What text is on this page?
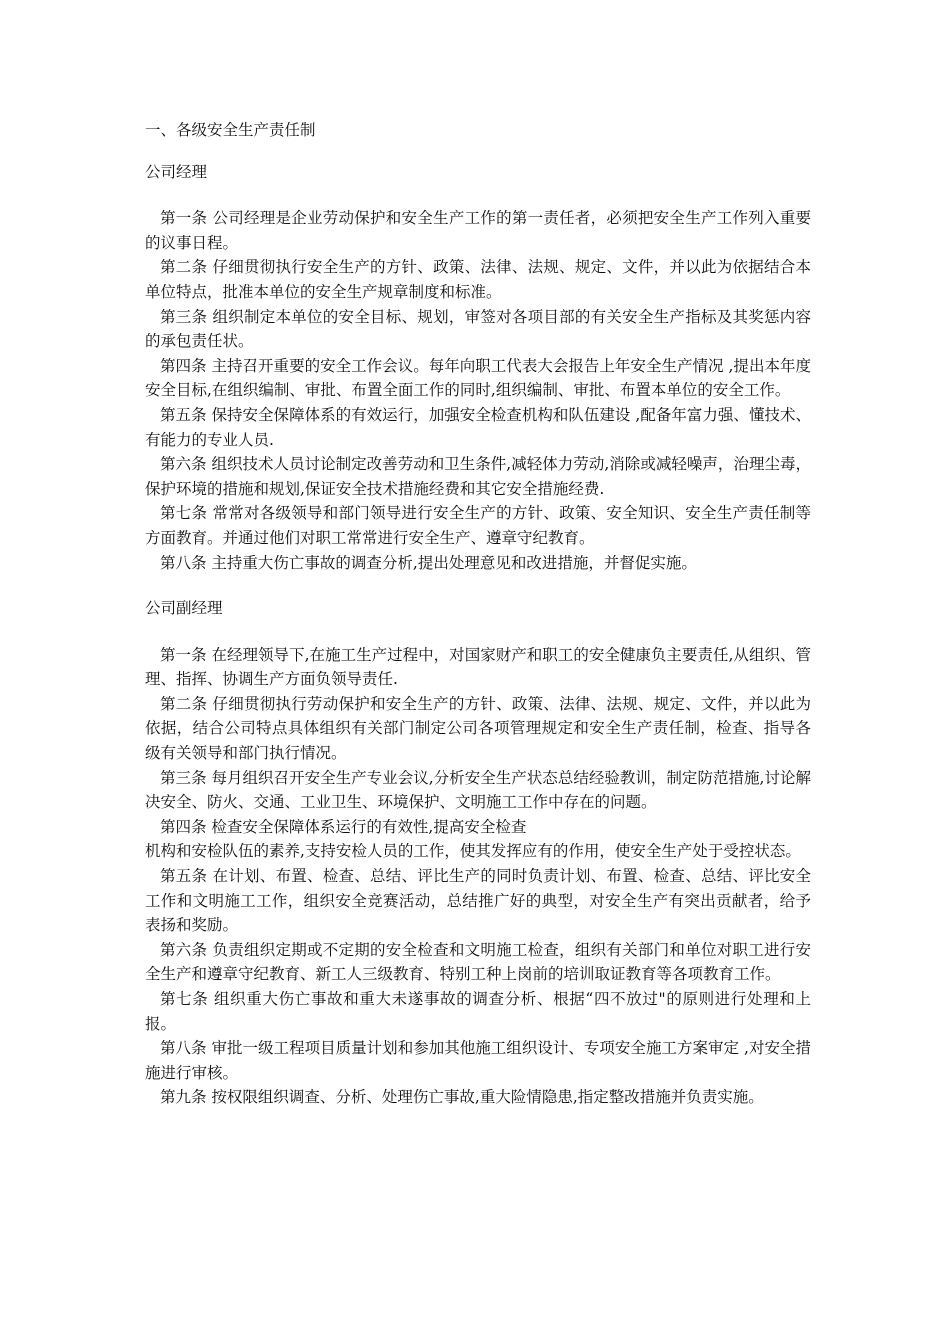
一、各级安全生产责任制

公司经理

第一条 公司经理是企业劳动保护和安全生产工作的第一责任者，必须把安全生产工作列入重要的议事日程。

第二条 仔细贯彻执行安全生产的方针、政策、法律、法规、规定、文件，并以此为依据结合本单位特点，批准本单位的安全生产规章制度和标准。

第三条 组织制定本单位的安全目标、规划，审签对各项目部的有关安全生产指标及其奖惩内容的承包责任状。

第四条 主持召开重要的安全工作会议。每年向职工代表大会报告上年安全生产情况 ,提出本年度安全目标,在组织编制、审批、布置全面工作的同时,组织编制、审批、布置本单位的安全工作。

第五条 保持安全保障体系的有效运行，加强安全检查机构和队伍建设 ,配备年富力强、懂技术、有能力的专业人员.

第六条 组织技术人员讨论制定改善劳动和卫生条件,减轻体力劳动,消除或减轻噪声，治理尘毒，保护环境的措施和规划,保证安全技术措施经费和其它安全措施经费.

第七条 常常对各级领导和部门领导进行安全生产的方针、政策、安全知识、安全生产责任制等方面教育。并通过他们对职工常常进行安全生产、遵章守纪教育。

第八条 主持重大伤亡事故的调查分析,提出处理意见和改进措施，并督促实施。

公司副经理

第一条 在经理领导下,在施工生产过程中，对国家财产和职工的安全健康负主要责任,从组织、管理、指挥、协调生产方面负领导责任.

第二条 仔细贯彻执行劳动保护和安全生产的方针、政策、法律、法规、规定、文件，并以此为依据，结合公司特点具体组织有关部门制定公司各项管理规定和安全生产责任制，检查、指导各级有关领导和部门执行情况。

第三条 每月组织召开安全生产专业会议,分析安全生产状态总结经验教训，制定防范措施,讨论解决安全、防火、交通、工业卫生、环境保护、文明施工工作中存在的问题。

第四条 检查安全保障体系运行的有效性,提高安全检查

机构和安检队伍的素养,支持安检人员的工作，使其发挥应有的作用，使安全生产处于受控状态。

第五条 在计划、布置、检查、总结、评比生产的同时负责计划、布置、检查、总结、评比安全工作和文明施工工作，组织安全竞赛活动，总结推广好的典型，对安全生产有突出贡献者，给予表扬和奖励。

第六条 负责组织定期或不定期的安全检查和文明施工检查，组织有关部门和单位对职工进行安全生产和遵章守纪教育、新工人三级教育、特别工种上岗前的培训取证教育等各项教育工作。

第七条 组织重大伤亡事故和重大未遂事故的调查分析、根据“四不放过"的原则进行处理和上报。

第八条 审批一级工程项目质量计划和参加其他施工组织设计、专项安全施工方案审定 ,对安全措施进行审核。

第九条 按权限组织调查、分析、处理伤亡事故,重大险情隐患,指定整改措施并负责实施。
